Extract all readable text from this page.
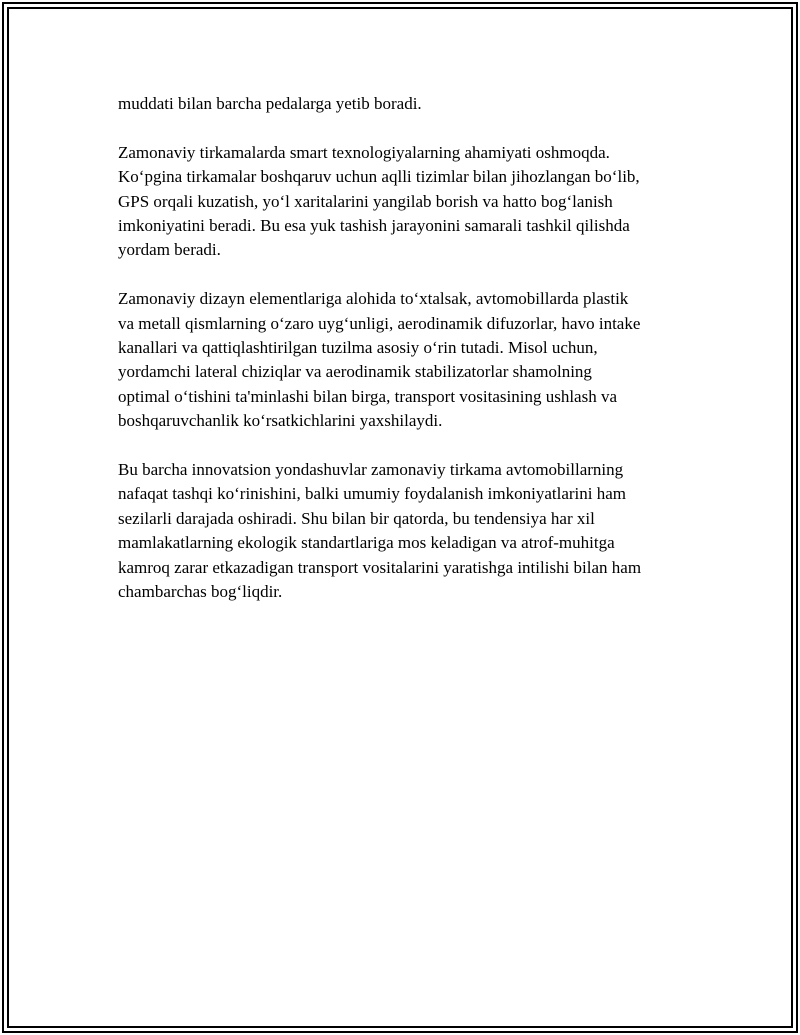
muddati bilan barcha pedalarga yetib boradi.

Zamonaviy tirkamalarda smart texnologiyalarning ahamiyati oshmoqda.
Ko‘pgina tirkamalar boshqaruv uchun aqlli tizimlar bilan jihozlangan bo‘lib,
GPS orqali kuzatish, yo‘l xaritalarini yangilab borish va hatto bog‘lanish
imkoniyatini beradi. Bu esa yuk tashish jarayonini samarali tashkil qilishda
yordam beradi.

Zamonaviy dizayn elementlariga alohida to‘xtalsak, avtomobillarda plastik
va metall qismlarning o‘zaro uyg‘unligi, aerodinamik difuzorlar, havo intake
kanallari va qattiqlashtirilgan tuzilma asosiy o‘rin tutadi. Misol uchun,
yordamchi lateral chiziqlar va aerodinamik stabilizatorlar shamolning
optimal o‘tishini ta'minlashi bilan birga, transport vositasining ushlash va
boshqaruvchanlik ko‘rsatkichlarini yaxshilaydi.

Bu barcha innovatsion yondashuvlar zamonaviy tirkama avtomobillarning
nafaqat tashqi ko‘rinishini, balki umumiy foydalanish imkoniyatlarini ham
sezilarli darajada oshiradi. Shu bilan bir qatorda, bu tendensiya har xil
mamlakatlarning ekologik standartlariga mos keladigan va atrof-muhitga
kamroq zarar etkazadigan transport vositalarini yaratishga intilishi bilan ham
chambarchas bog‘liqdir.
